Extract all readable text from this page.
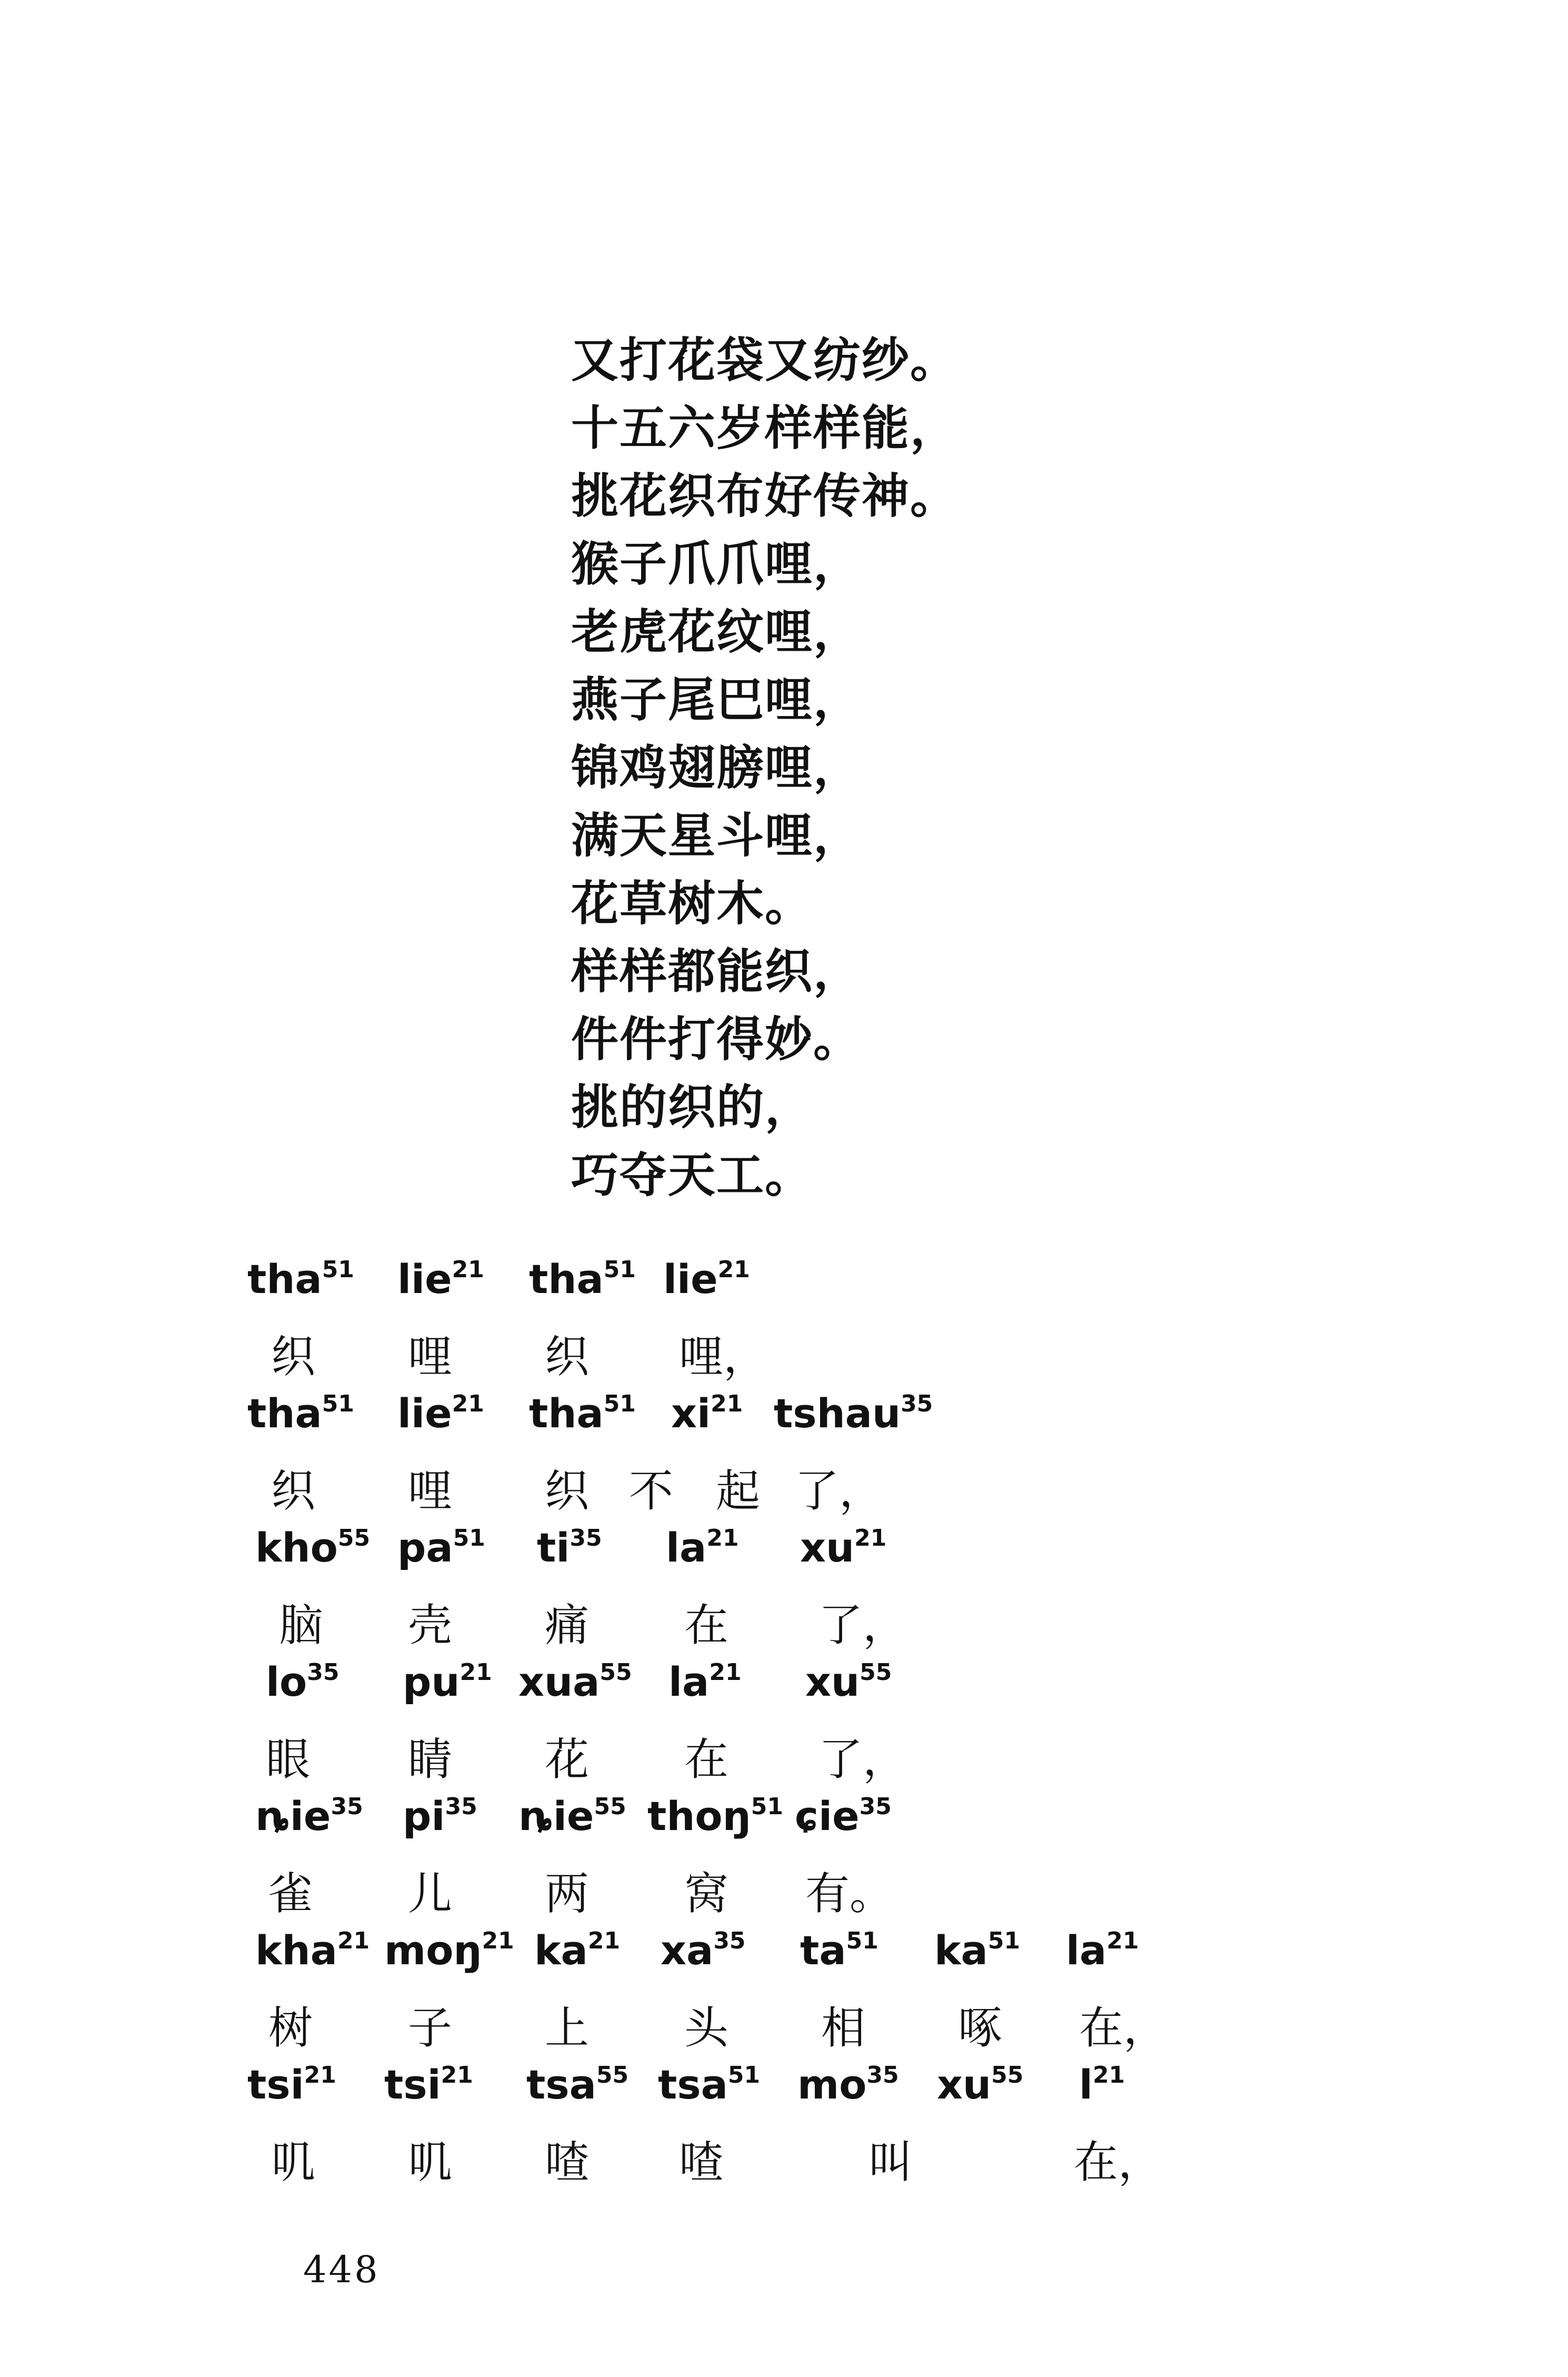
又打花袋又纺纱。
十五六岁样样能，
挑花织布好传神。
猴子爪爪哩，
老虎花纹哩，
燕子尾巴哩，
锦鸡翅膀哩，
满天星斗哩，
花草树木。
样样都能织，
件件打得妙。
挑的织的，
巧夺天工。
tha$^{51}$ lie$^{21}$ tha$^{51}$ lie$^{21}$
织 哩 织 哩，
tha$^{51}$ lie$^{21}$ tha$^{51}$ $xi^{21}$ tshau$^{35}$
织 哩 织 不 起 了，
kho$^{55}$ $pa^{51}$ $ti^{35}$ $la^{21}$ $xu^{21}$
脑 壳 痛 在 了，
$lo^{35}$ $pu^{21}$ xua$^{55}$ $la^{21}$ $xu^{55}$
眼 睛 花 在 了，
ȵie$^{35}$ $pi^{35}$ ȵie$^{55}$ thoŋ$^{51}$ ɕie$^{35}$
雀 儿 两 窝 有。
kha$^{21}$ moŋ$^{21}$ $ka^{21}$ $xa^{35}$ $ta^{51}$ $ka^{51}$ $la^{21}$
树 子 上 头 相 啄 在，
tsi$^{21}$ tsi$^{21}$ tsa$^{55}$ tsa$^{51}$ $mo^{35}$ $xu^{55}$ $l^{21}$
叽 叽 喳 喳	叫	在，
448
